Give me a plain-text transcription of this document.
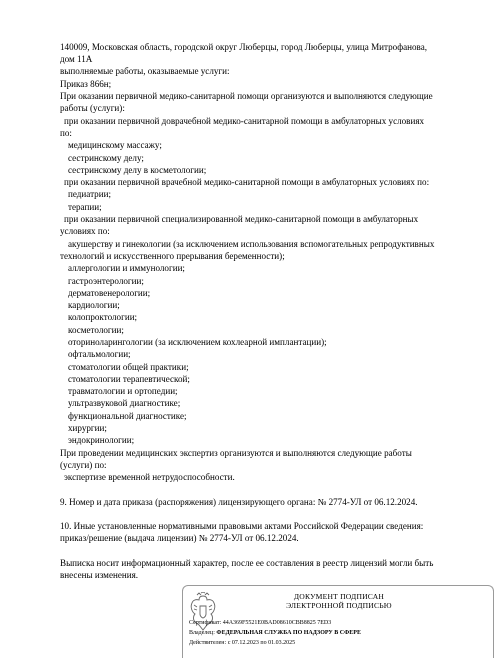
140009, Московская область, городской округ Люберцы, город Люберцы, улица Митрофанова,
дом 11А
выполняемые работы, оказываемые услуги:
Приказ 866н;
При оказании первичной медико-санитарной помощи организуются и выполняются следующие
работы (услуги):
при оказании первичной доврачебной медико-санитарной помощи в амбулаторных условиях
по:
медицинскому массажу;
сестринскому делу;
сестринскому делу в косметологии;
при оказании первичной врачебной медико-санитарной помощи в амбулаторных условиях по:
педиатрии;
терапии;
при оказании первичной специализированной медико-санитарной помощи в амбулаторных
условиях по:
акушерству и гинекологии (за исключением использования вспомогательных репродуктивных
технологий и искусственного прерывания беременности);
аллергологии и иммунологии;
гастроэнтерологии;
дерматовенерологии;
кардиологии;
колопроктологии;
косметологии;
оториноларингологии (за исключением кохлеарной имплантации);
офтальмологии;
стоматологии общей практики;
стоматологии терапевтической;
травматологии и ортопедии;
ультразвуковой диагностике;
функциональной диагностике;
хирургии;
эндокринологии;
При проведении медицинских экспертиз организуются и выполняются следующие работы
(услуги) по:
экспертизе временной нетрудоспособности.
9. Номер и дата приказа (распоряжения) лицензирующего органа: № 2774-УЛ от 06.12.2024.
10. Иные установленные нормативными правовыми актами Российской Федерации сведения:
приказ/решение (выдача лицензии) № 2774-УЛ от 06.12.2024.
Выписка носит информационный характер, после ее составления в реестр лицензий могли быть
внесены изменения.
ДОКУМЕНТ ПОДПИСАН
ЭЛЕКТРОННОЙ ПОДПИСЬЮ
Сертификат: 44A369F5521E0BAD08610CBB8825 7ED3
Владелец: ФЕДЕРАЛЬНАЯ СЛУЖБА ПО НАДЗОРУ В СФЕРЕ
Действителен: с 07.12.2023 по 01.03.2025
